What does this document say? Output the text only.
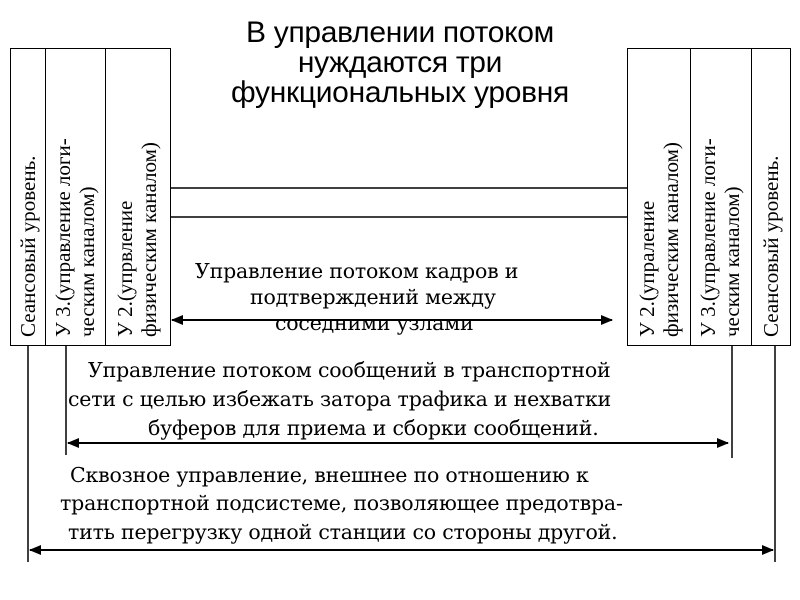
В управлении потоком
нуждаются три
функциональных уровня
Сеансовый уровень. У 3.(управление логи- ческим каналом) У 2.(упрвление физическим каналом)	У 2.(упраление физическим каналом) У 3.(управление логи- ческим каналом) Сеансовый уровень.
Управление потоком кадров и
подтверждений между
соседними узлами
Управление потоком сообщений в транспортной
сети с целью избежать затора трафика и нехватки
буферов для приема и сборки сообщений.
Сквозное управление, внешнее по отношению к
транспортной подсистеме, позволяющее предотвра-
тить перегрузку одной станции со стороны другой.
